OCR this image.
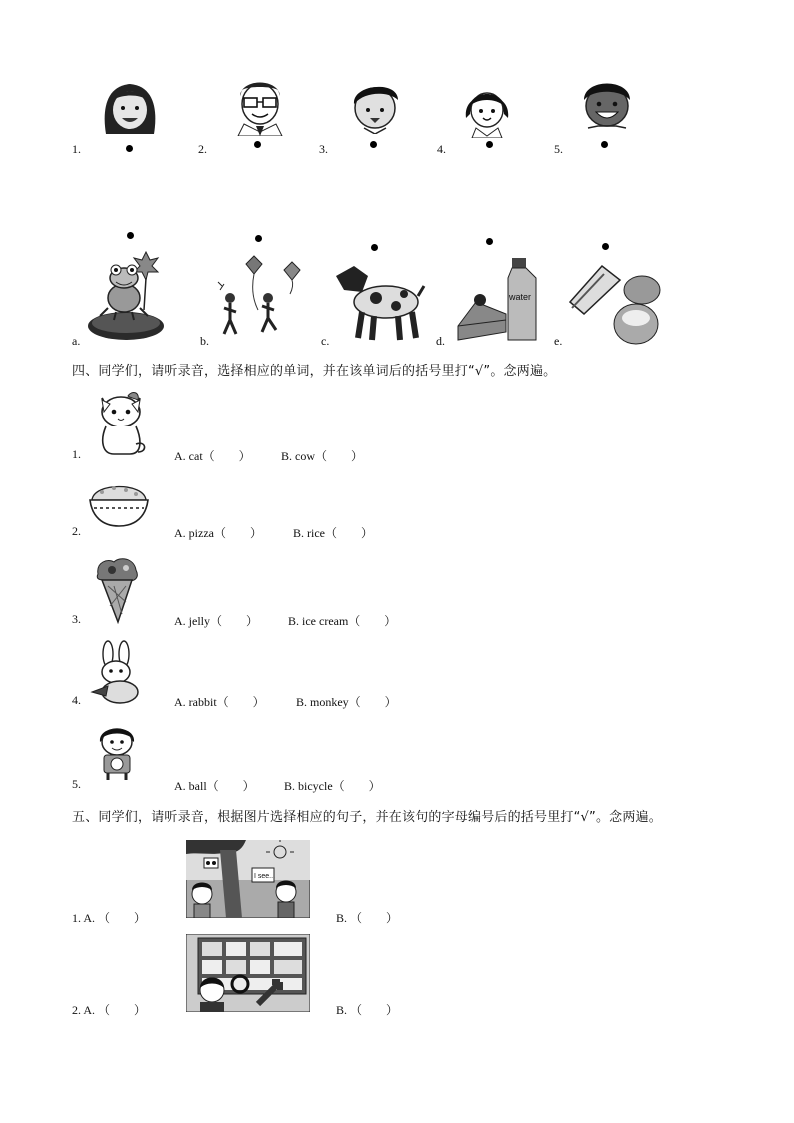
1.	2.	3.	4.	5.
water
a.	b.	c.	d.	e.
四、同学们，请听录音，选择相应的单词，并在该单词后的括号里打“√”。念两遍。
1.	A. cat（　　）	B. cow（　　）
2.	A. pizza（　　）	B. rice（　　）
3.	A. jelly（　　）	B. ice cream（　　）
4.	A. rabbit（　　）	B. monkey（　　）
5.	A. ball（　　） B. bicycle（　　）
五、同学们，请听录音，根据图片选择相应的句子，并在该句的字母编号后的括号里打“√”。念两遍。
I see...
1. A. （　　）	B. （　　）
2. A. （　　）	B. （　　）
